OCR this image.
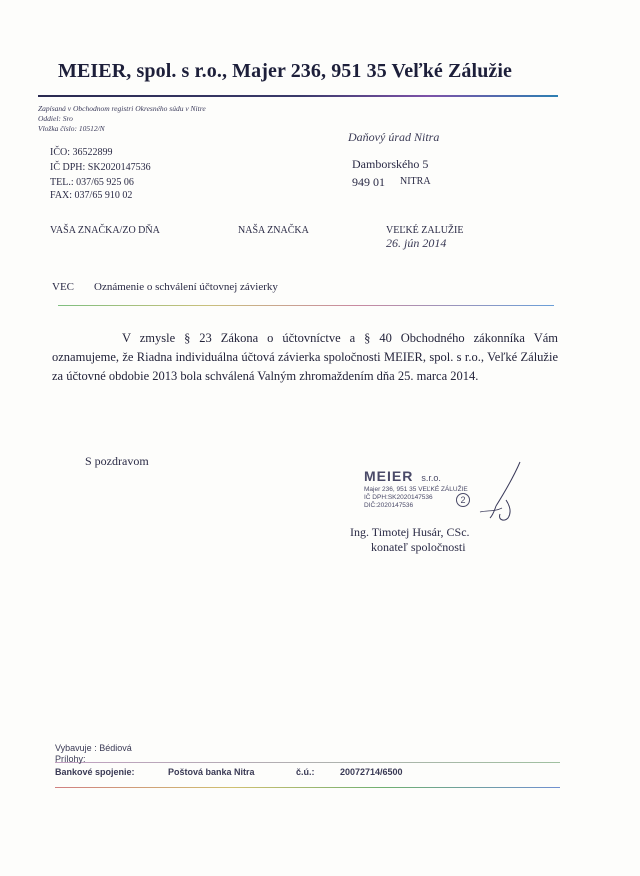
MEIER, spol. s r.o., Majer 236, 951 35 Veľké Zálužie
Zapísaná v Obchodnom registri Okresného súdu v Nitre
Oddiel: Sro
Vložka číslo: 10512/N
IČO: 36522899
IČ DPH: SK2020147536
TEL.: 037/65 925 06
FAX: 037/65 910 02
Daňový úrad Nitra
Damborského 5
949 01 NITRA
VAŠA ZNAČKA/ZO DŇA	NAŠA ZNAČKA	VEĽKÉ ZALUŽIE
26. jún 2014
VEC Oznámenie o schválení účtovnej závierky

V zmysle § 23 Zákona o účtovníctve a § 40 Obchodného zákonníka Vám oznamujeme, že Riadna individuálna účtová závierka spoločnosti MEIER, spol. s r.o., Veľké Zálužie za účtovné obdobie 2013 bola schválená Valným zhromaždením dňa 25. marca 2014.

S pozdravom
MEIER s.r.o.
Majer 236, 951 35 VEĽKÉ ZÁLUŽIE
IČ DPH:SK2020147536
DIČ:2020147536
2
Ing. Timotej Husár, CSc.
konateľ spoločnosti
Vybavuje : Bédiová
Prílohy:
Bankové spojenie:	Poštová banka Nitra	č.ú.:	20072714/6500
